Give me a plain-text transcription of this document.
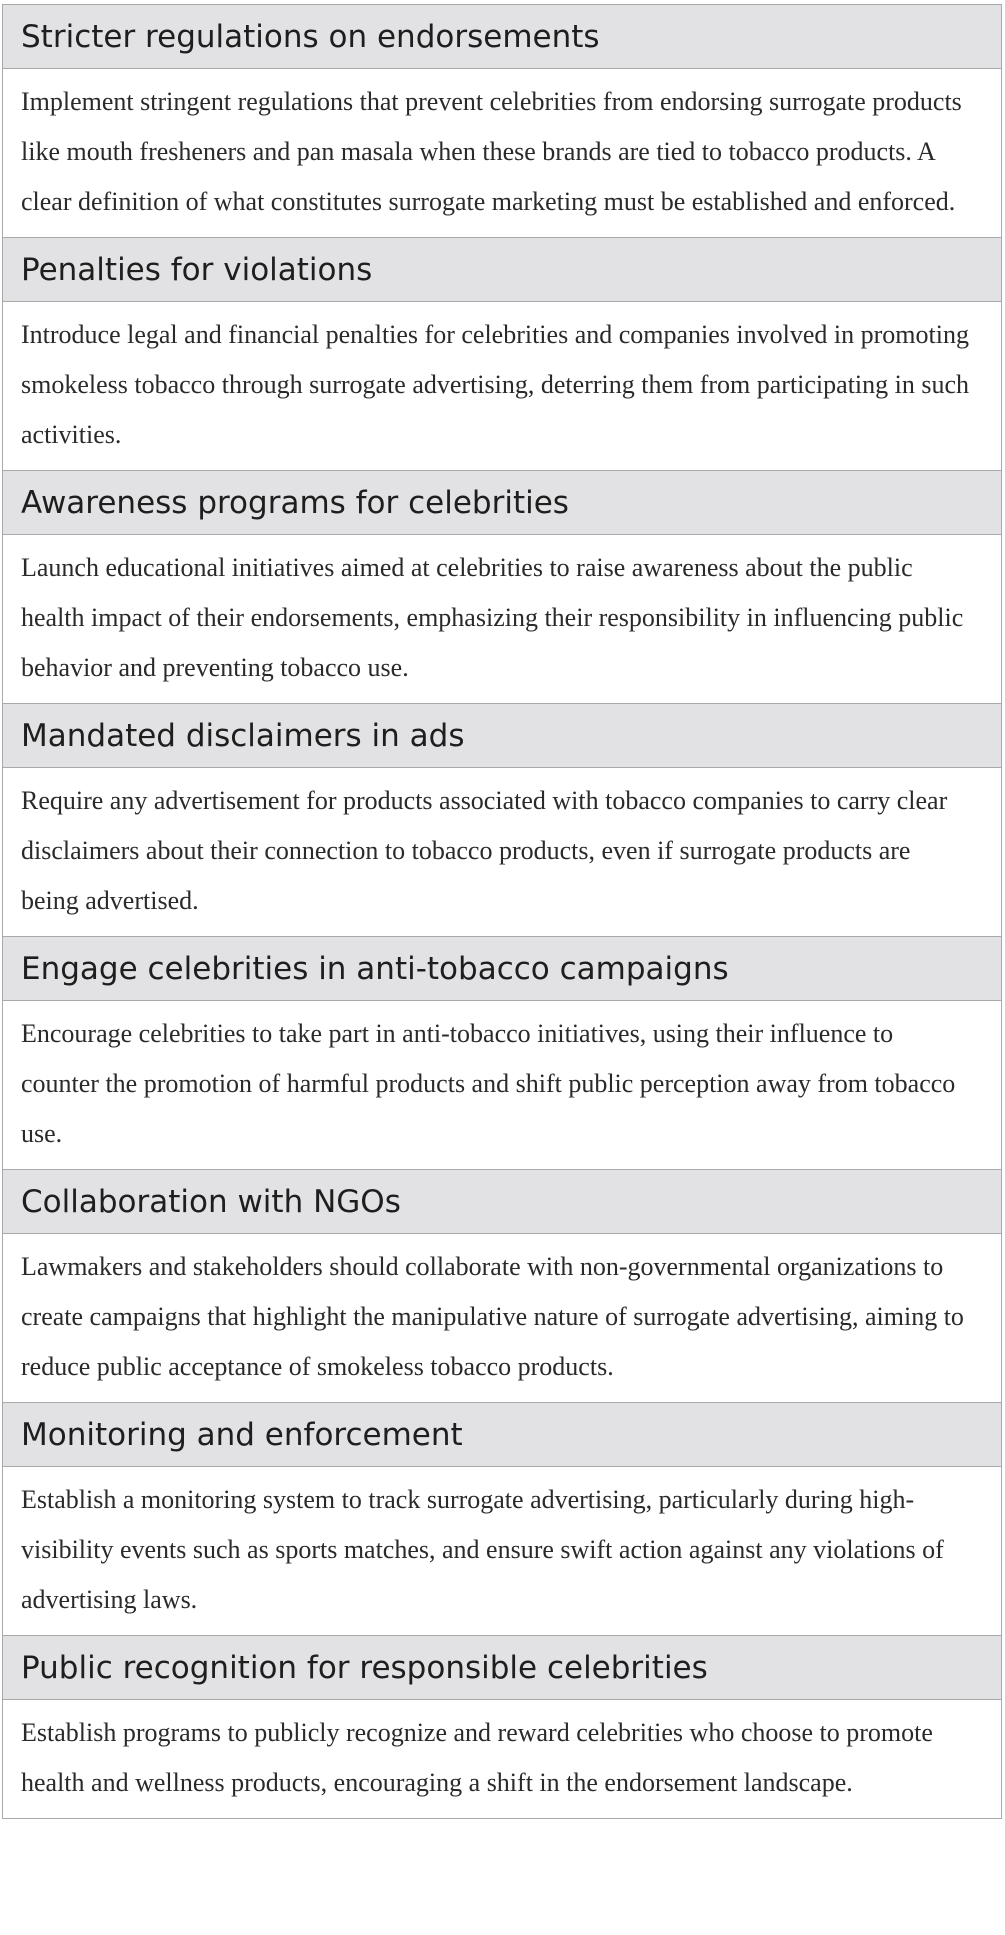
Stricter regulations on endorsements
Implement stringent regulations that prevent celebrities from endorsing surrogate products like mouth fresheners and pan masala when these brands are tied to tobacco products. A clear definition of what constitutes surrogate marketing must be established and enforced.
Penalties for violations
Introduce legal and financial penalties for celebrities and companies involved in promoting smokeless tobacco through surrogate advertising, deterring them from participating in such activities.
Awareness programs for celebrities
Launch educational initiatives aimed at celebrities to raise awareness about the public health impact of their endorsements, emphasizing their responsibility in influencing public behavior and preventing tobacco use.
Mandated disclaimers in ads
Require any advertisement for products associated with tobacco companies to carry clear disclaimers about their connection to tobacco products, even if surrogate products are being advertised.
Engage celebrities in anti-tobacco campaigns
Encourage celebrities to take part in anti-tobacco initiatives, using their influence to counter the promotion of harmful products and shift public perception away from tobacco use.
Collaboration with NGOs
Lawmakers and stakeholders should collaborate with non-governmental organizations to create campaigns that highlight the manipulative nature of surrogate advertising, aiming to reduce public acceptance of smokeless tobacco products.
Monitoring and enforcement
Establish a monitoring system to track surrogate advertising, particularly during high-visibility events such as sports matches, and ensure swift action against any violations of advertising laws.
Public recognition for responsible celebrities
Establish programs to publicly recognize and reward celebrities who choose to promote health and wellness products, encouraging a shift in the endorsement landscape.
